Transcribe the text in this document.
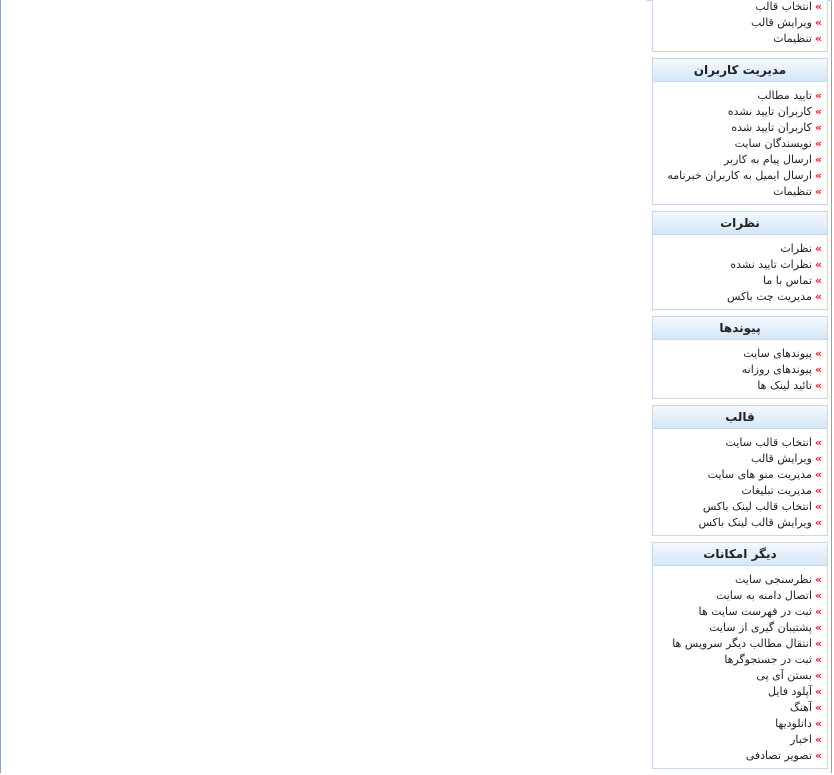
»انتخاب قالب
»ویرایش قالب
»تنظیمات
مدیریت کاربران
»تایید مطالب
»کاربران تایید نشده
»کاربران تایید شده
»نویسندگان سایت
»ارسال پیام به کاربر
»ارسال ایمیل به کاربران خبرنامه
»تنظیمات
نظرات
»نظرات
»نظرات تایید نشده
»تماس با ما
»مدیریت چت باکس
پیوندها
»پیوندهای سایت
»پیوندهای روزانه
»تائید لینک ها
قالب
»انتخاب قالب سایت
»ویرایش قالب
»مدیریت منو های سایت
»مدیریت تبلیغات
»انتخاب قالب لینک باکس
»ویرایش قالب لینک باکس
دیگر امکانات
»نظرسنجی سایت
»اتصال دامنه به سایت
»ثبت در فهرست سایت ها
»پشتیبان گیری از سایت
»انتقال مطالب دیگر سرویس ها
»ثبت در جستجوگرها
»بستن آی پی
»آپلود فایل
»آهنگ
»دانلودیها
»اخبار
»تصویر تصادفی
